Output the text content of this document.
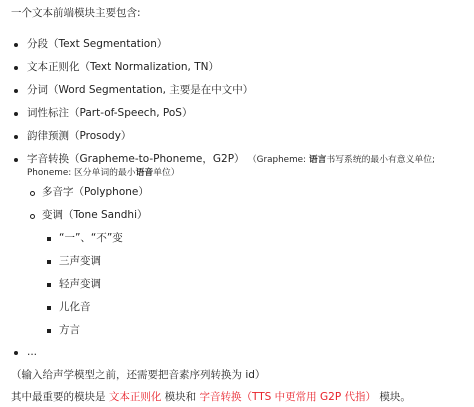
一个文本前端模块主要包含:
分段（Text Segmentation）
文本正则化（Text Normalization, TN）
分词（Word Segmentation, 主要是在中文中）
词性标注（Part-of-Speech, PoS）
韵律预测（Prosody）
字音转换（Grapheme-to-Phoneme，G2P） （Grapheme: 语言书写系统的最小有意义单位;
Phoneme: 区分单词的最小语音单位）
多音字（Polyphone）
变调（Tone Sandhi）
“一”、“不”变
三声变调
轻声变调
儿化音
方言
...
（输入给声学模型之前，还需要把音素序列转换为 id）
其中最重要的模块是 文本正则化 模块和 字音转换（TTS 中更常用 G2P 代指） 模块。
